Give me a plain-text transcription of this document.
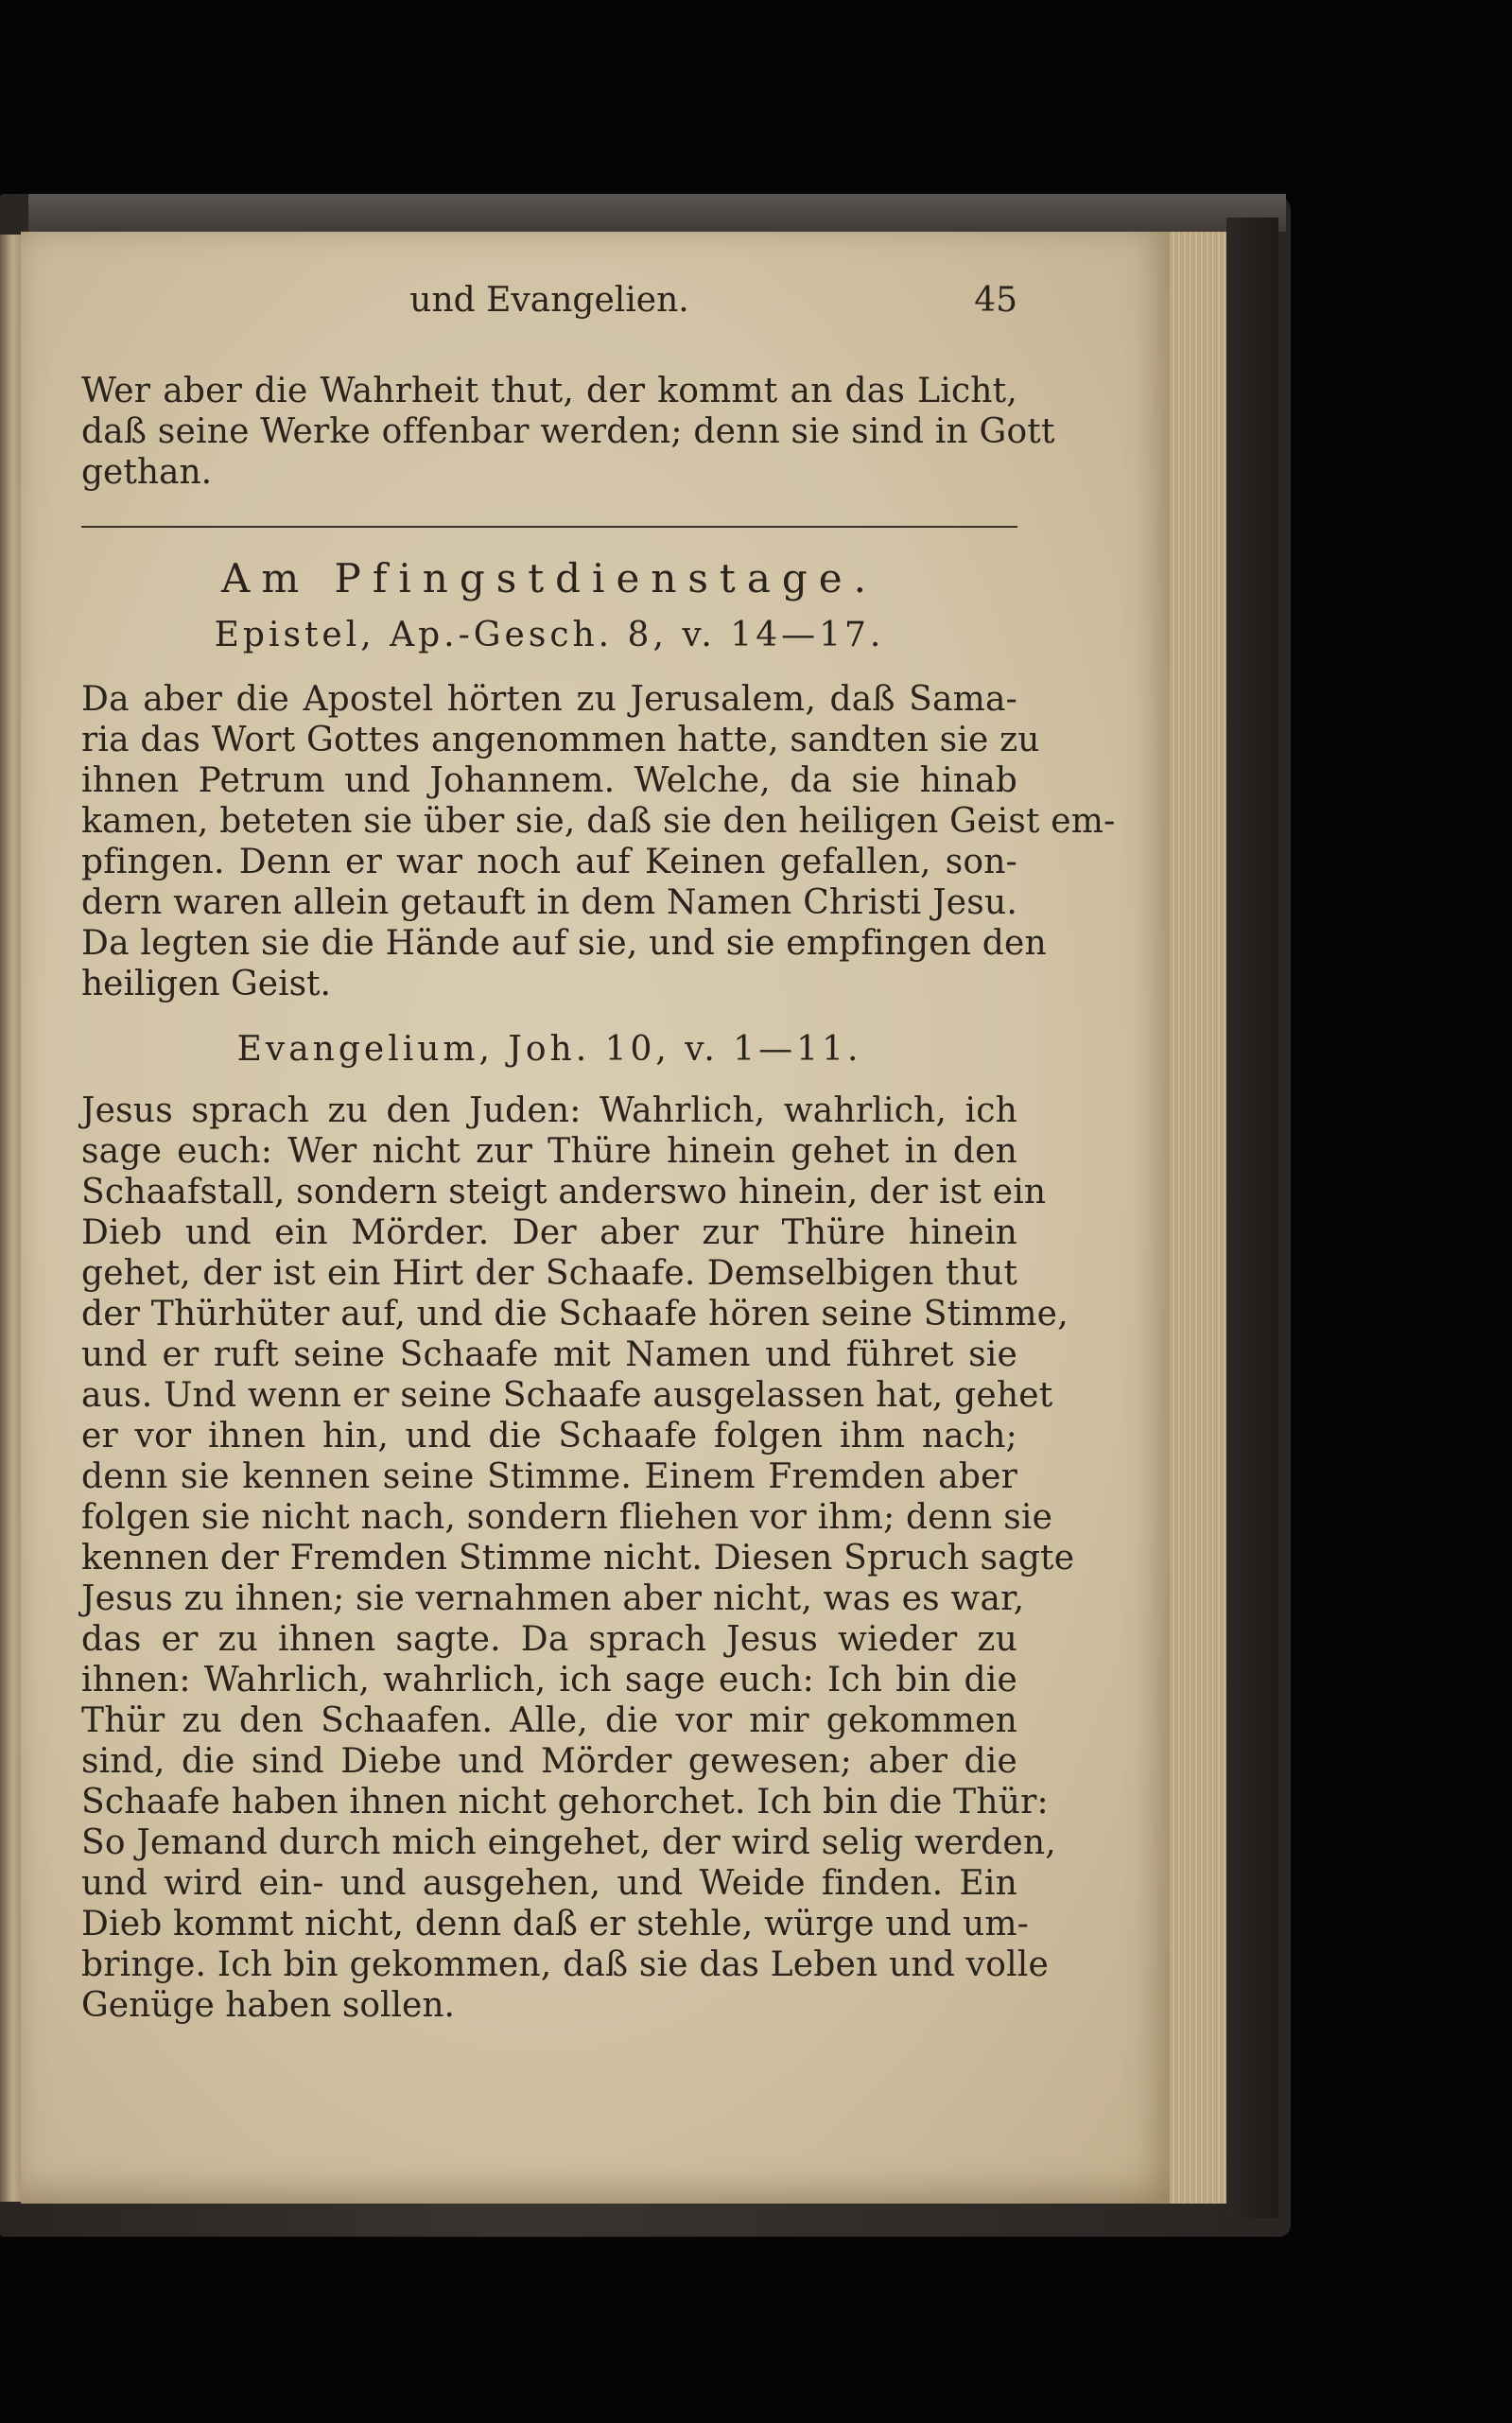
und Evangelien.	45
Wer aber die Wahrheit thut, der kommt an das Licht,
daß seine Werke offenbar werden; denn sie sind in Gott
gethan.
Am Pfingstdienstage.
Epistel, Ap.-Gesch. 8, v. 14—17.
Da aber die Apostel hörten zu Jerusalem, daß Sama-
ria das Wort Gottes angenommen hatte, sandten sie zu
ihnen Petrum und Johannem. Welche, da sie hinab
kamen, beteten sie über sie, daß sie den heiligen Geist em-
pfingen. Denn er war noch auf Keinen gefallen, son-
dern waren allein getauft in dem Namen Christi Jesu.
Da legten sie die Hände auf sie, und sie empfingen den
heiligen Geist.
Evangelium, Joh. 10, v. 1—11.
Jesus sprach zu den Juden: Wahrlich, wahrlich, ich
sage euch: Wer nicht zur Thüre hinein gehet in den
Schaafstall, sondern steigt anderswo hinein, der ist ein
Dieb und ein Mörder. Der aber zur Thüre hinein
gehet, der ist ein Hirt der Schaafe. Demselbigen thut
der Thürhüter auf, und die Schaafe hören seine Stimme,
und er ruft seine Schaafe mit Namen und führet sie
aus. Und wenn er seine Schaafe ausgelassen hat, gehet
er vor ihnen hin, und die Schaafe folgen ihm nach;
denn sie kennen seine Stimme. Einem Fremden aber
folgen sie nicht nach, sondern fliehen vor ihm; denn sie
kennen der Fremden Stimme nicht. Diesen Spruch sagte
Jesus zu ihnen; sie vernahmen aber nicht, was es war,
das er zu ihnen sagte. Da sprach Jesus wieder zu
ihnen: Wahrlich, wahrlich, ich sage euch: Ich bin die
Thür zu den Schaafen. Alle, die vor mir gekommen
sind, die sind Diebe und Mörder gewesen; aber die
Schaafe haben ihnen nicht gehorchet. Ich bin die Thür:
So Jemand durch mich eingehet, der wird selig werden,
und wird ein- und ausgehen, und Weide finden. Ein
Dieb kommt nicht, denn daß er stehle, würge und um-
bringe. Ich bin gekommen, daß sie das Leben und volle
Genüge haben sollen.
